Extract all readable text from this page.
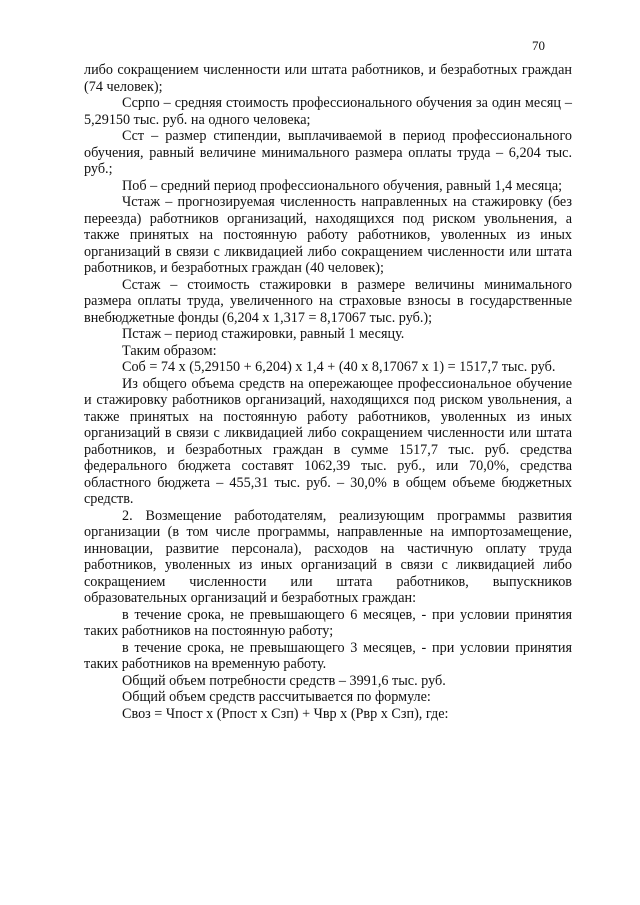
70

либо сокращением численности или штата работников, и безработных граждан (74 человек);

Ссрпо – средняя стоимость профессионального обучения за один месяц – 5,29150 тыс. руб. на одного человека;

Сст – размер стипендии, выплачиваемой в период профессионального обучения, равный величине минимального размера оплаты труда – 6,204 тыс. руб.;

Поб – средний период профессионального обучения, равный 1,4 месяца;

Чстаж – прогнозируемая численность направленных на стажировку (без переезда) работников организаций, находящихся под риском увольнения, а также принятых на постоянную работу работников, уволенных из иных организаций в связи с ликвидацией либо сокращением численности или штата работников, и безработных граждан (40 человек);

Сстаж – стоимость стажировки в размере величины минимального размера оплаты труда, увеличенного на страховые взносы в государственные внебюджетные фонды (6,204 х 1,317 = 8,17067 тыс. руб.);

Пстаж – период стажировки, равный 1 месяцу.

Таким образом:

Соб = 74 х (5,29150 + 6,204) х 1,4 + (40 х 8,17067 х 1) = 1517,7 тыс. руб.

Из общего объема средств на опережающее профессиональное обучение и стажировку работников организаций, находящихся под риском увольнения, а также принятых на постоянную работу работников, уволенных из иных организаций в связи с ликвидацией либо сокращением численности или штата работников, и безработных граждан в сумме 1517,7 тыс. руб. средства федерального бюджета составят 1062,39 тыс. руб., или 70,0%, средства областного бюджета – 455,31 тыс. руб. – 30,0% в общем объеме бюджетных средств.

2. Возмещение работодателям, реализующим программы развития организации (в том числе программы, направленные на импортозамещение, инновации, развитие персонала), расходов на частичную оплату труда работников, уволенных из иных организаций в связи с ликвидацией либо сокращением численности или штата работников, выпускников образовательных организаций и безработных граждан:

в течение срока, не превышающего 6 месяцев, - при условии принятия таких работников на постоянную работу;

в течение срока, не превышающего 3 месяцев, - при условии принятия таких работников на временную работу.

Общий объем потребности средств – 3991,6 тыс. руб.

Общий объем средств рассчитывается по формуле:

Своз = Чпост х (Рпост х Сзп) + Чвр х (Рвр х Сзп), где:
